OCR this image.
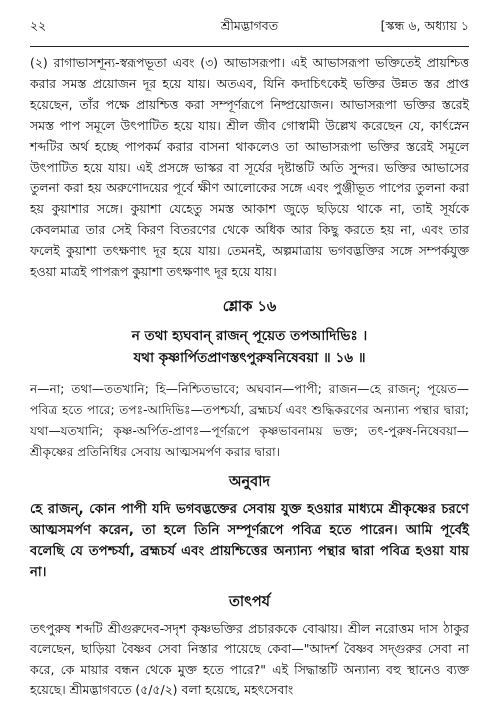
২২	শ্রীমদ্ভাগবত	[স্কন্ধ ৬, অধ্যায় ১

(২) রাগাভাসশূন্য-স্বরূপভূতা এবং (৩) আভাসরূপা। এই আভাসরূপা ভক্তিতেই প্রায়শ্চিত্ত করার সমস্ত প্রয়োজন দূর হয়ে যায়। অতএব, যিনি কদাচিৎকেই ভক্তির উন্নত স্তর প্রাপ্ত হয়েছেন, তাঁর পক্ষে প্রায়শ্চিত্ত করা সম্পূর্ণরূপে নিষ্প্রয়োজন। আভাসরূপা ভক্তির স্তরেই সমস্ত পাপ সমূলে উৎপাটিত হয়ে যায়। শ্রীল জীব গোস্বামী উল্লেখ করেছেন যে, কার্ৎস্নেন শব্দটির অর্থ হচ্ছে পাপকর্ম করার বাসনা থাকলেও তা আভাসরূপা ভক্তির স্তরেই সমূলে উৎপাটিত হয়ে যায়। এই প্রসঙ্গে ভাস্কর বা সূর্যের দৃষ্টান্তটি অতি সুন্দর। ভক্তির আভাসের তুলনা করা হয় অরুণোদয়ের পূর্বে ক্ষীণ আলোকের সঙ্গে এবং পুঞ্জীভূত পাপের তুলনা করা হয় কুয়াশার সঙ্গে। কুয়াশা যেহেতু সমস্ত আকাশ জুড়ে ছড়িয়ে থাকে না, তাই সূর্যকে কেবলমাত্র তার সেই কিরণ বিতরণের থেকে অধিক আর কিছু করতে হয় না, এবং তার ফলেই কুয়াশা তৎক্ষণাৎ দূর হয়ে যায়। তেমনই, অল্পমাত্রায় ভগবদ্ভক্তির সঙ্গে সম্পর্কযুক্ত হওয়া মাত্রই পাপরূপ কুয়াশা তৎক্ষণাৎ দূর হয়ে যায়।

শ্লোক ১৬

ন তথা হ্যঘবান্ রাজন্ পূয়েত তপআদিভিঃ ।

যথা কৃষ্ণার্পিতপ্রাণস্তৎপুরুষনিষেবয়া ॥ ১৬ ॥

ন—না; তথা—ততখানি; হি—নিশ্চিতভাবে; অঘবান—পাপী; রাজন—হে রাজন্; পূয়েত—পবিত্র হতে পারে; তপঃ-আদিভিঃ—তপশ্চর্যা, ব্রহ্মচর্য এবং শুদ্ধিকরণের অন্যান্য পন্থার দ্বারা; যথা—যতখানি; কৃষ্ণ-অর্পিত-প্রাণঃ—পূর্ণরূপে কৃষ্ণভাবনাময় ভক্ত; তৎ-পুরুষ-নিষেবয়া—শ্রীকৃষ্ণের প্রতিনিধির সেবায় আত্মসমর্পণ করার দ্বারা।

অনুবাদ

হে রাজন্, কোন পাপী যদি ভগবদ্ভক্তের সেবায় যুক্ত হওয়ার মাধ্যমে শ্রীকৃষ্ণের চরণে আত্মসমর্পণ করেন, তা হলে তিনি সম্পূর্ণরূপে পবিত্র হতে পারেন। আমি পূর্বেই বলেছি যে তপশ্চর্যা, ব্রহ্মচর্য এবং প্রায়শ্চিত্তের অন্যান্য পন্থার দ্বারা পবিত্র হওয়া যায় না।

তাৎপর্য

তৎপুরুষ শব্দটি শ্রীগুরুদেব-সদৃশ কৃষ্ণভক্তির প্রচারককে বোঝায়। শ্রীল নরোত্তম দাস ঠাকুর বলেছেন, ছাড়িয়া বৈষ্ণব সেবা নিস্তার পায়েছে কেবা—"আদর্শ বৈষ্ণব সদ্গুরুর সেবা না করে, কে মায়ার বন্ধন থেকে মুক্ত হতে পারে?" এই সিদ্ধান্তটি অন্যান্য বহু স্থানেও ব্যক্ত হয়েছে। শ্রীমদ্ভাগবতে (৫/৫/২) বলা হয়েছে, মহৎসেবাং
